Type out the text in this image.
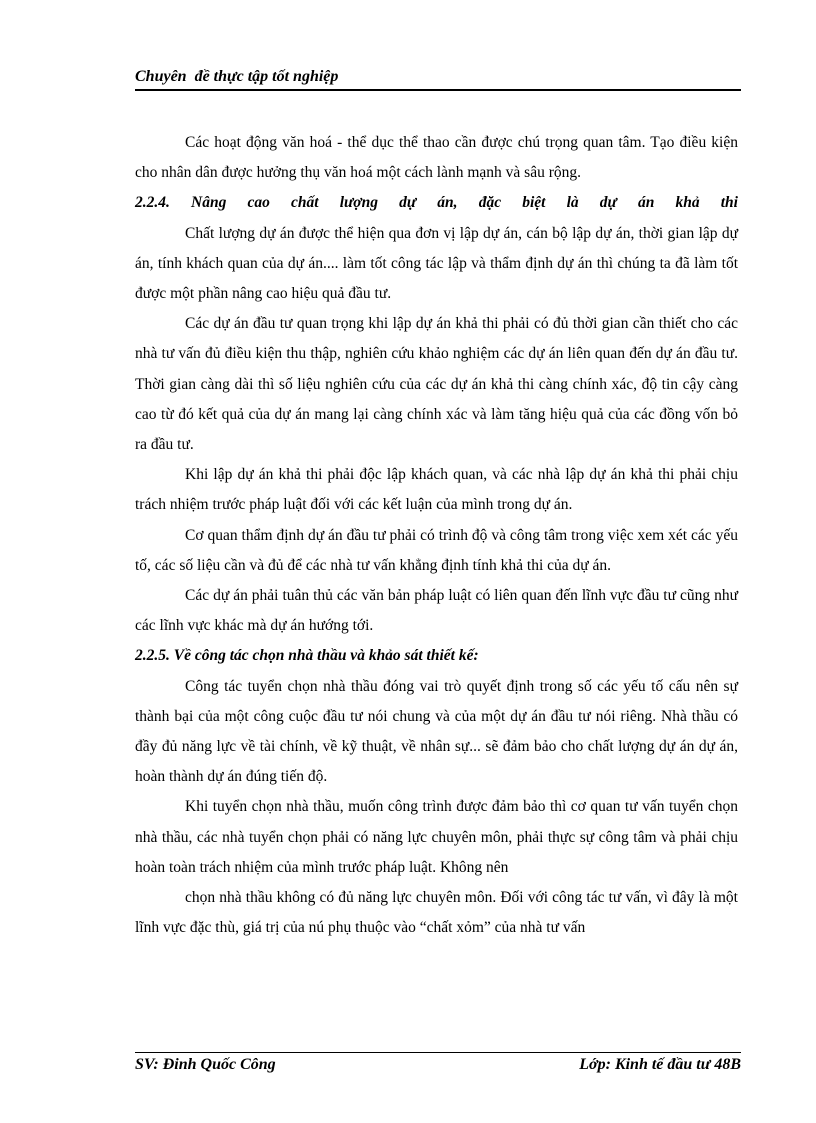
Chuyên  đề thực tập tốt nghiệp

Các hoạt động văn hoá - thể dục thể thao cần được chú trọng quan tâm. Tạo điều kiện cho nhân dân được hưởng thụ văn hoá một cách lành mạnh và sâu rộng.

2.2.4. Nâng cao chất lượng dự án, đặc biệt là dự án khả thi

Chất lượng dự án được thể hiện qua đơn vị lập dự án, cán bộ lập dự án, thời gian lập dự án, tính khách quan của dự án.... làm tốt công tác lập và thẩm định dự án thì chúng ta đã làm tốt được một phần nâng cao hiệu quả đầu tư.

Các dự án đầu tư quan trọng khi lập dự án khả thi phải có đủ thời gian cần thiết cho các nhà tư vấn đủ điều kiện thu thập, nghiên cứu khảo nghiệm các dự án liên quan đến dự án đầu tư. Thời gian càng dài thì số liệu nghiên cứu của các dự án khả thi càng chính xác, độ tin cậy càng cao từ đó kết quả của dự án mang lại càng chính xác và làm tăng hiệu quả của các đồng vốn bỏ ra đầu tư.

Khi lập dự án khả thi phải độc lập khách quan, và các nhà lập dự án khả thi phải chịu trách nhiệm trước pháp luật đối với các kết luận của mình trong dự án.

Cơ quan thẩm định dự án đầu tư phải có trình độ và công tâm trong việc xem xét các yếu tố, các số liệu cần và đủ để các nhà tư vấn khẳng định tính khả thi của dự án.

Các dự án phải tuân thủ các văn bản pháp luật có liên quan đến lĩnh vực đầu tư cũng như các lĩnh vực khác mà dự án hướng tới.

2.2.5. Về công tác chọn nhà thầu và khảo sát thiết kế:

Công tác tuyển chọn nhà thầu đóng vai trò quyết định trong số các yếu tố cấu nên sự thành bại của một công cuộc đầu tư nói chung và của một dự án đầu tư nói riêng. Nhà thầu có đầy đủ năng lực về tài chính, về kỹ thuật, về nhân sự... sẽ đảm bảo cho chất lượng dự án dự án, hoàn thành dự án đúng tiến độ.

Khi tuyển chọn nhà thầu, muốn công trình được đảm bảo thì cơ quan tư vấn tuyển chọn nhà thầu, các nhà tuyển chọn phải có năng lực chuyên môn, phải thực sự công tâm và phải chịu hoàn toàn trách nhiệm của mình trước pháp luật. Không nên

chọn nhà thầu không có đủ năng lực chuyên môn. Đối với công tác tư vấn, vì đây là một lĩnh vực đặc thù, giá trị của nú phụ thuộc vào “chất xỏm” của nhà tư vấn

SV: Đinh Quốc Công	Lớp: Kinh tế đầu tư 48B
